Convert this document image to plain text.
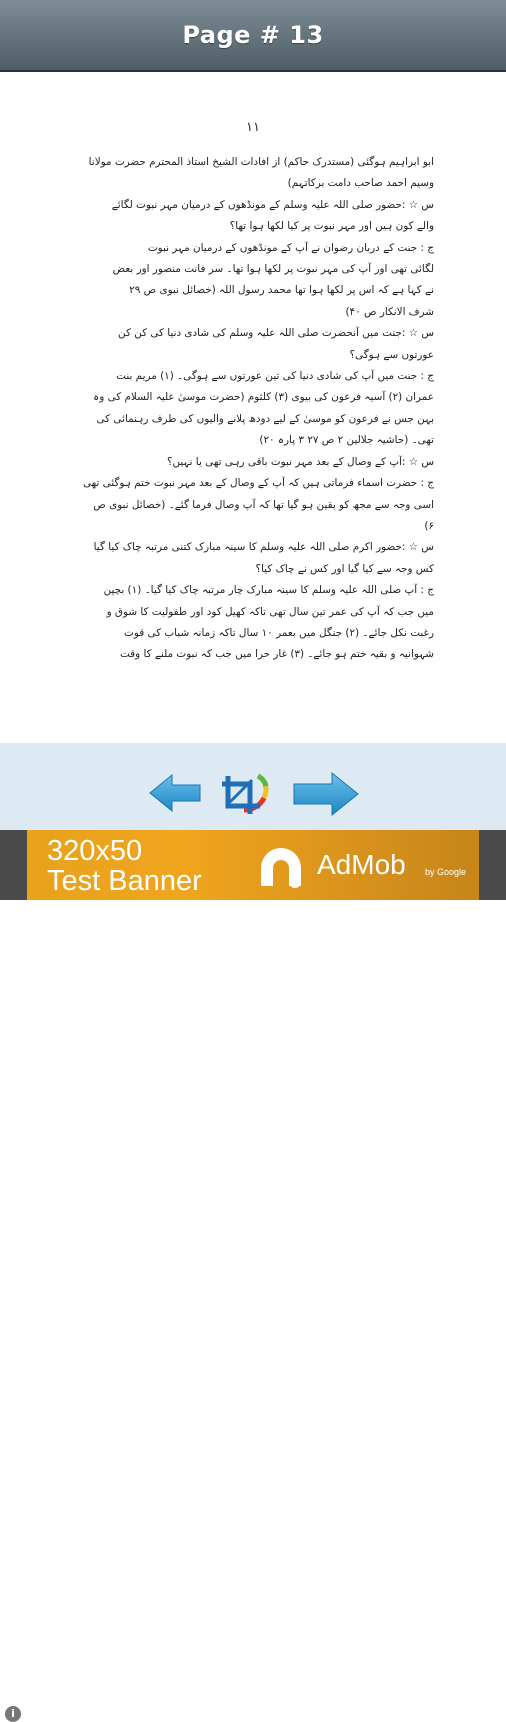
Page # 13
۱۱

ابو ابراہیم ہوگئی (مستدرک حاکم) از افادات الشیخ استاذ المحترم حضرت مولانا

وسیم احمد صاحب دامت برکاتہم)

س ☆ :حضور صلی اللہ علیہ وسلم کے مونڈھوں کے درمیان مہر نبوت لگائے

والے کون ہیں اور مہر نبوت پر کیا لکھا ہوا تھا؟

ج : جنت کے دربان رضوان نے آپ کے مونڈھوں کے درمیان مہر نبوت

لگائی تھی اور آپ کی مہر نبوت پر لکھا ہوا تھا۔ سر فانت منصور اور بعض

نے کہا ہے کہ اس پر لکھا ہوا تھا محمد رسول اللہ (خصائل نبوی ص ۲۹

شرف الانکار ص ۴۰)

س ☆ :جنت میں آنحضرت صلی اللہ علیہ وسلم کی شادی دنیا کی کن کن

عورتوں سے ہوگی؟

ج : جنت میں آپ کی شادی دنیا کی تین عورتوں سے ہوگی۔ (۱) مریم بنت

عمران (۲) آسیہ فرعون کی بیوی (۳) کلثوم (حضرت موسیٰ علیہ السلام کی وہ

بہن جس نے فرعون کو موسیٰ کے لیے دودھ پلانے والیوں کی طرف رہنمائی کی

تھی۔ (حاشیہ جلالین ۲ ص ۲۷ ۳ پارہ ۲۰)

س ☆ :آپ کے وصال کے بعد مہر نبوت باقی رہی تھی یا نہیں؟

ج : حضرت اسماء فرماتی ہیں کہ آپ کے وصال کے بعد مہر نبوت ختم ہوگئی تھی

اسی وجہ سے مجھ کو یقین ہو گیا تھا کہ آپ وصال فرما گئے۔ (خصائل نبوی ص

۶)

س ☆ :حضور اکرم صلی اللہ علیہ وسلم کا سینہ مبارک کتنی مرتبہ چاک کیا گیا

کس وجہ سے کیا گیا اور کس نے چاک کیا؟

ج : آپ صلی اللہ علیہ وسلم کا سینہ مبارک چار مرتبہ چاک کیا گیا۔ (۱) بچپن

میں جب کہ آپ کی عمر تین سال تھی تاکہ کھیل کود اور طفولیت کا شوق و

رغبت نکل جائے۔ (۲) جنگل میں بعمر ۱۰ سال تاکہ زمانہ شباب کی قوت

شہوانیہ و بقیہ ختم ہو جائے۔ (۳) غار حرا میں جب کہ نبوت ملنے کا وقت

320x50
Test Banner
AdMob by Google
i
